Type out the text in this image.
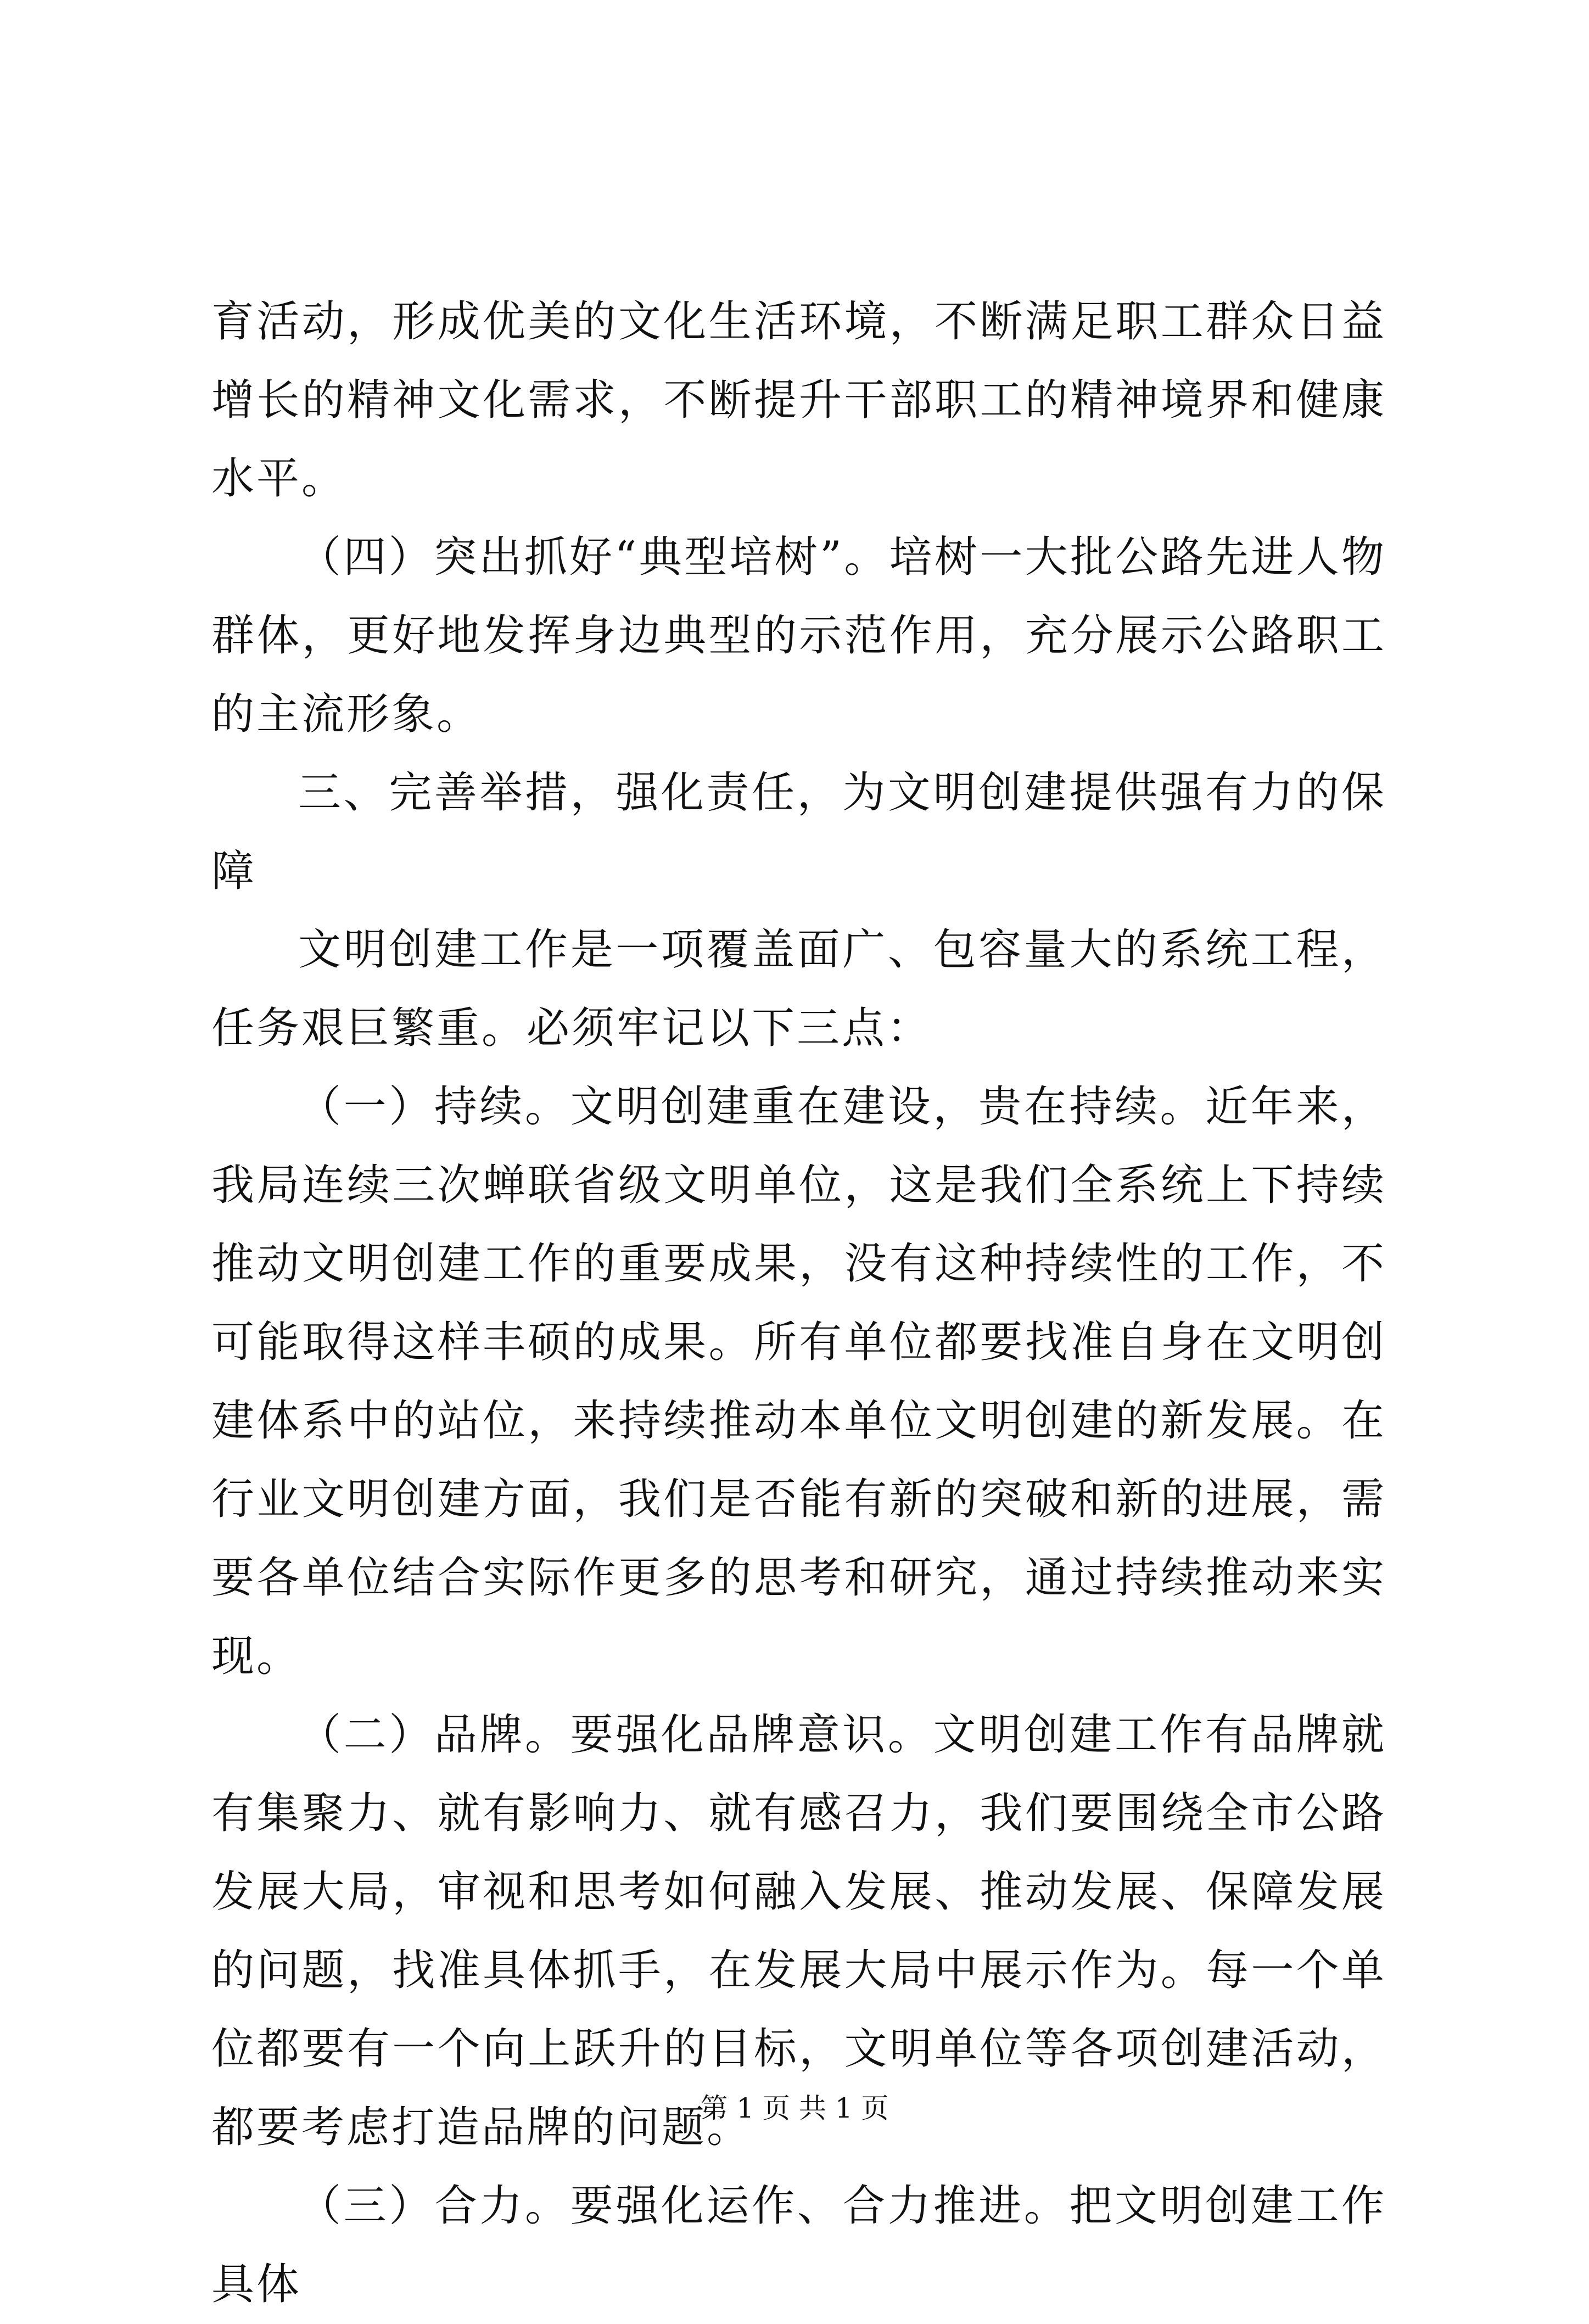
育活动，形成优美的文化生活环境，不断满足职工群众日益增长的精神文化需求，不断提升干部职工的精神境界和健康水平。

（四）突出抓好“典型培树”。培树一大批公路先进人物群体，更好地发挥身边典型的示范作用，充分展示公路职工的主流形象。

三、完善举措，强化责任，为文明创建提供强有力的保障

文明创建工作是一项覆盖面广、包容量大的系统工程，任务艰巨繁重。必须牢记以下三点：

（一）持续。文明创建重在建设，贵在持续。近年来，我局连续三次蝉联省级文明单位，这是我们全系统上下持续推动文明创建工作的重要成果，没有这种持续性的工作，不可能取得这样丰硕的成果。所有单位都要找准自身在文明创建体系中的站位，来持续推动本单位文明创建的新发展。在行业文明创建方面，我们是否能有新的突破和新的进展，需要各单位结合实际作更多的思考和研究，通过持续推动来实现。

（二）品牌。要强化品牌意识。文明创建工作有品牌就有集聚力、就有影响力、就有感召力，我们要围绕全市公路发展大局，审视和思考如何融入发展、推动发展、保障发展的问题，找准具体抓手，在发展大局中展示作为。每一个单位都要有一个向上跃升的目标，文明单位等各项创建活动，都要考虑打造品牌的问题。

（三）合力。要强化运作、合力推进。把文明创建工作具体

第 1 页 共 1 页
